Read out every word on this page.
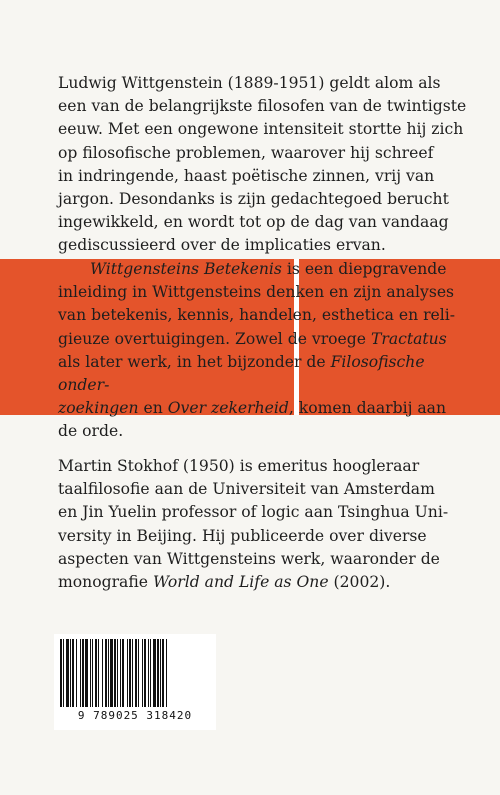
Ludwig Wittgenstein (1889-1951) geldt alom als
een van de belangrijkste filosofen van de twintigste
eeuw. Met een ongewone intensiteit stortte hij zich
op filosofische problemen, waarover hij schreef
in indringende, haast poëtische zinnen, vrij van
jargon. Desondanks is zijn gedachtegoed berucht
ingewikkeld, en wordt tot op de dag van vandaag
gediscussieerd over de implicaties ervan.

Wittgensteins Betekenis is een diepgravende
inleiding in Wittgensteins denken en zijn analyses
van betekenis, kennis, handelen, esthetica en reli-
gieuze overtuigingen. Zowel de vroege Tractatus
als later werk, in het bijzonder de Filosofische onder-
zoekingen en Over zekerheid, komen daarbij aan
de orde.

Martin Stokhof (1950) is emeritus hoogleraar
taalfilosofie aan de Universiteit van Amsterdam
en Jin Yuelin professor of logic aan Tsinghua Uni-
versity in Beijing. Hij publiceerde over diverse
aspecten van Wittgensteins werk, waaronder de
monografie World and Life as One (2002).

9 789025 318420
